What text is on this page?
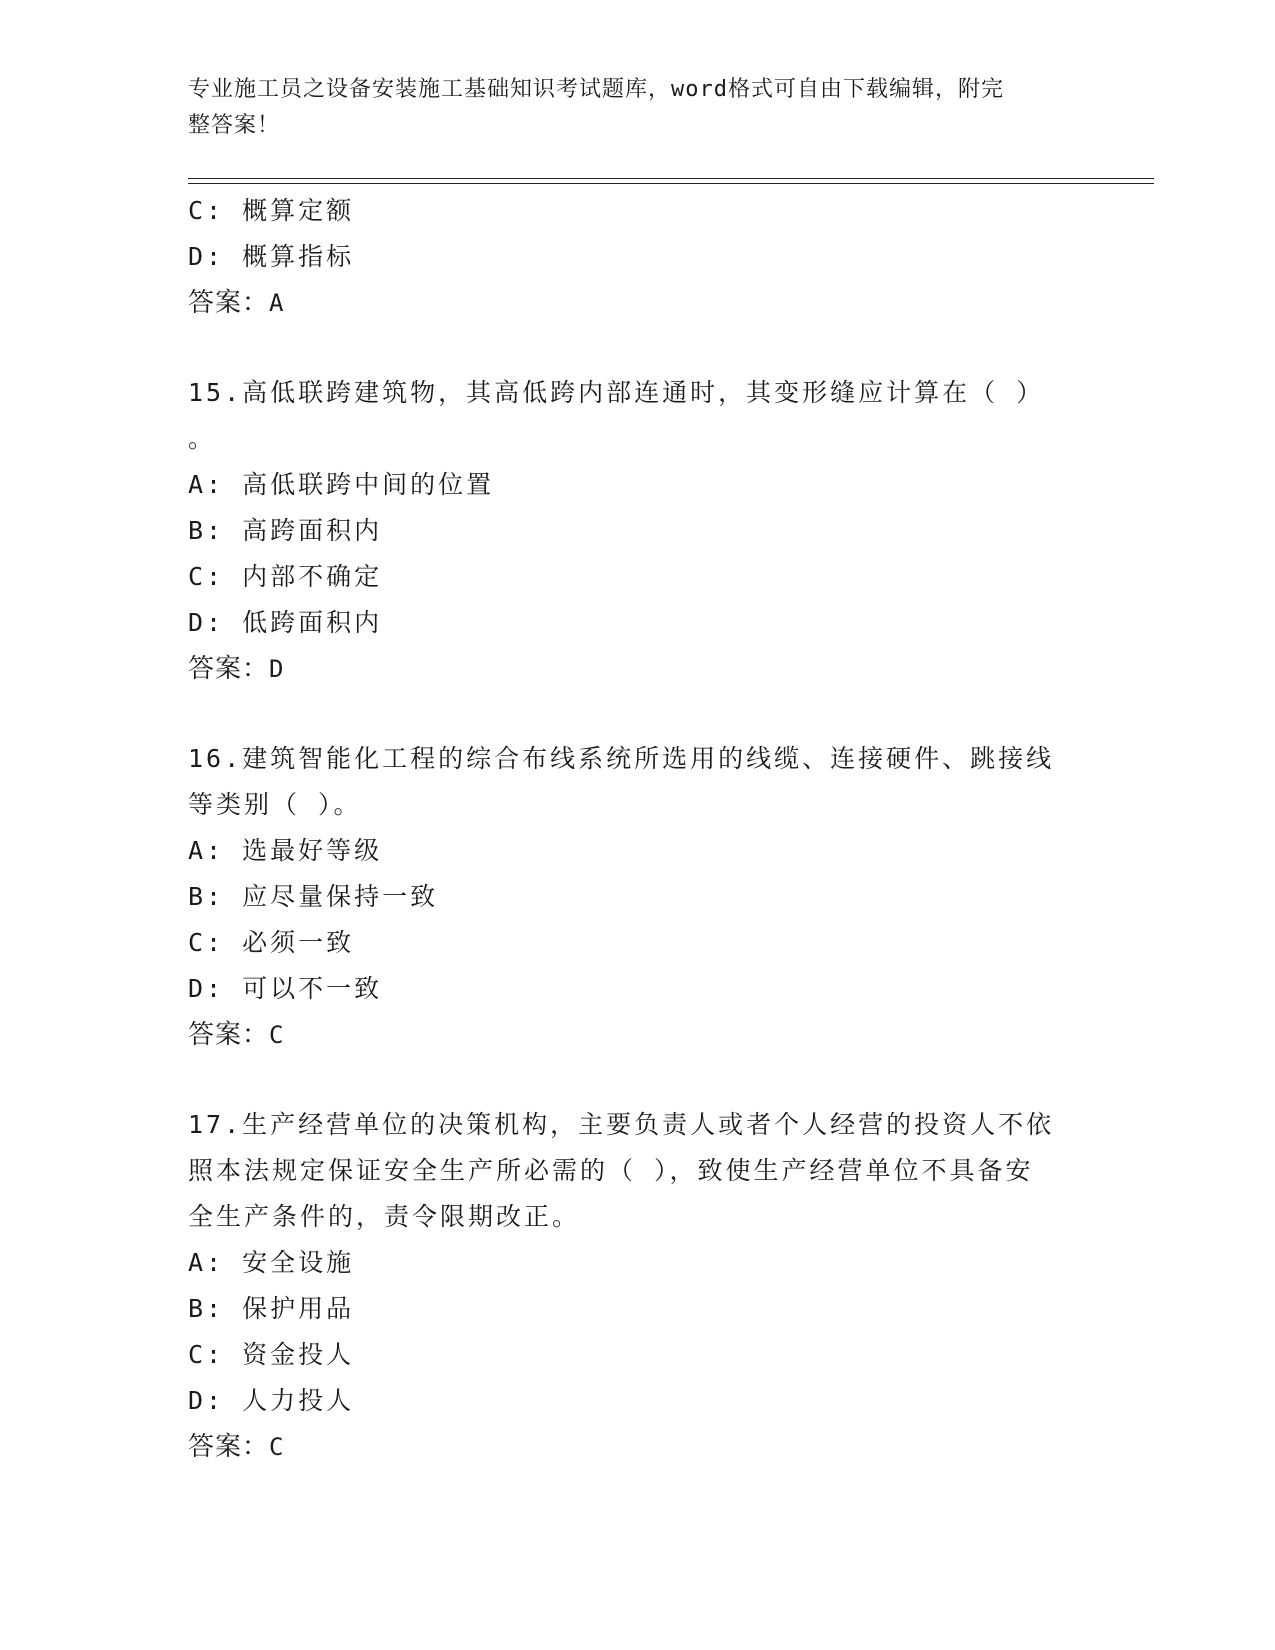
专业施工员之设备安装施工基础知识考试题库，word格式可自由下载编辑，附完
整答案！
C: 概算定额
D: 概算指标
答案：A
15.高低联跨建筑物，其高低跨内部连通时，其变形缝应计算在（ ）
。
A: 高低联跨中间的位置
B: 高跨面积内
C: 内部不确定
D: 低跨面积内
答案：D
16.建筑智能化工程的综合布线系统所选用的线缆、连接硬件、跳接线
等类别（ ）。
A: 选最好等级
B: 应尽量保持一致
C: 必须一致
D: 可以不一致
答案：C
17.生产经营单位的决策机构，主要负责人或者个人经营的投资人不依
照本法规定保证安全生产所必需的（ ），致使生产经营单位不具备安
全生产条件的，责令限期改正。
A: 安全设施
B: 保护用品
C: 资金投人
D: 人力投人
答案：C
